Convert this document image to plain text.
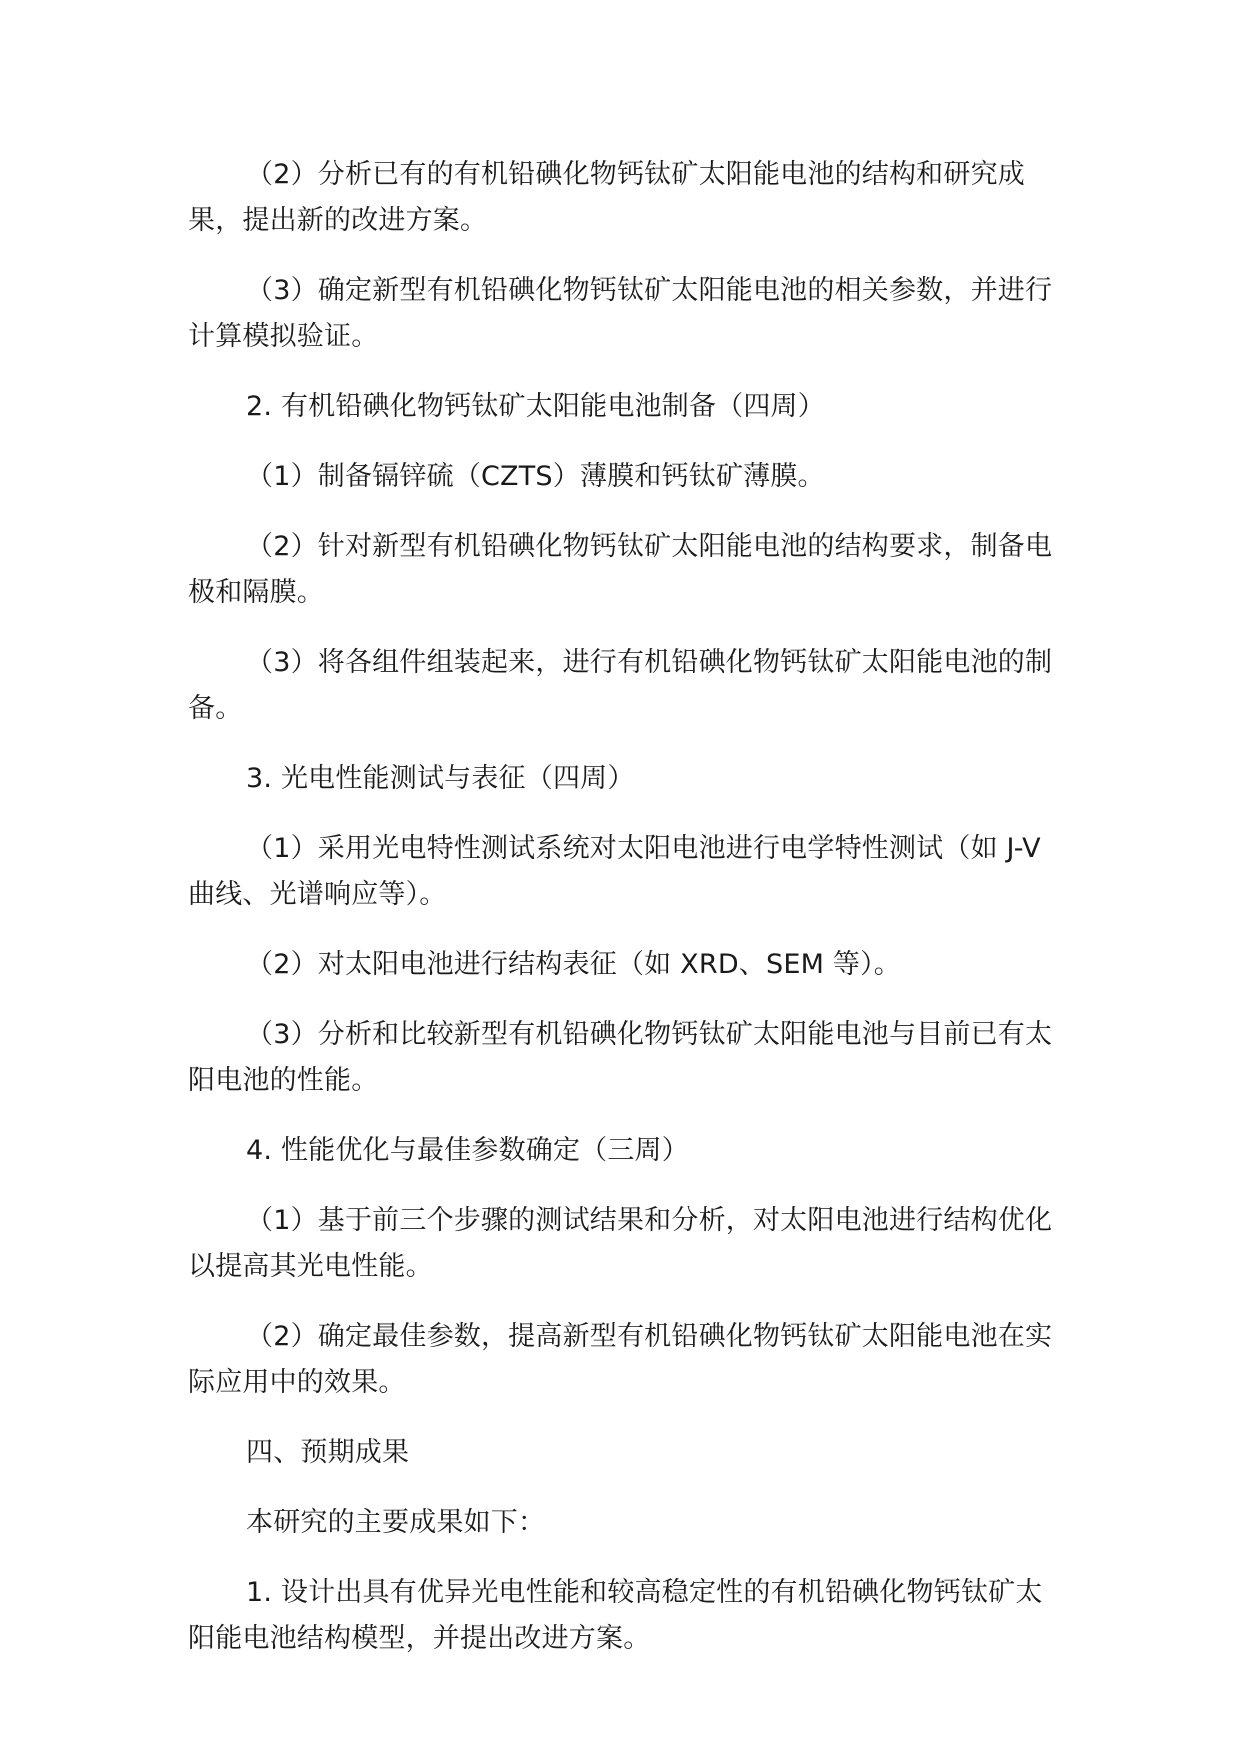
（2）分析已有的有机铅碘化物钙钛矿太阳能电池的结构和研究成果，提出新的改进方案。

（3）确定新型有机铅碘化物钙钛矿太阳能电池的相关参数，并进行计算模拟验证。

2. 有机铅碘化物钙钛矿太阳能电池制备（四周）

（1）制备镉锌硫（CZTS）薄膜和钙钛矿薄膜。

（2）针对新型有机铅碘化物钙钛矿太阳能电池的结构要求，制备电极和隔膜。

（3）将各组件组装起来，进行有机铅碘化物钙钛矿太阳能电池的制备。

3. 光电性能测试与表征（四周）

（1）采用光电特性测试系统对太阳电池进行电学特性测试（如 J-V 曲线、光谱响应等）。

（2）对太阳电池进行结构表征（如 XRD、SEM 等）。

（3）分析和比较新型有机铅碘化物钙钛矿太阳能电池与目前已有太阳电池的性能。

4. 性能优化与最佳参数确定（三周）

（1）基于前三个步骤的测试结果和分析，对太阳电池进行结构优化以提高其光电性能。

（2）确定最佳参数，提高新型有机铅碘化物钙钛矿太阳能电池在实际应用中的效果。

四、预期成果

本研究的主要成果如下：

1. 设计出具有优异光电性能和较高稳定性的有机铅碘化物钙钛矿太阳能电池结构模型，并提出改进方案。
